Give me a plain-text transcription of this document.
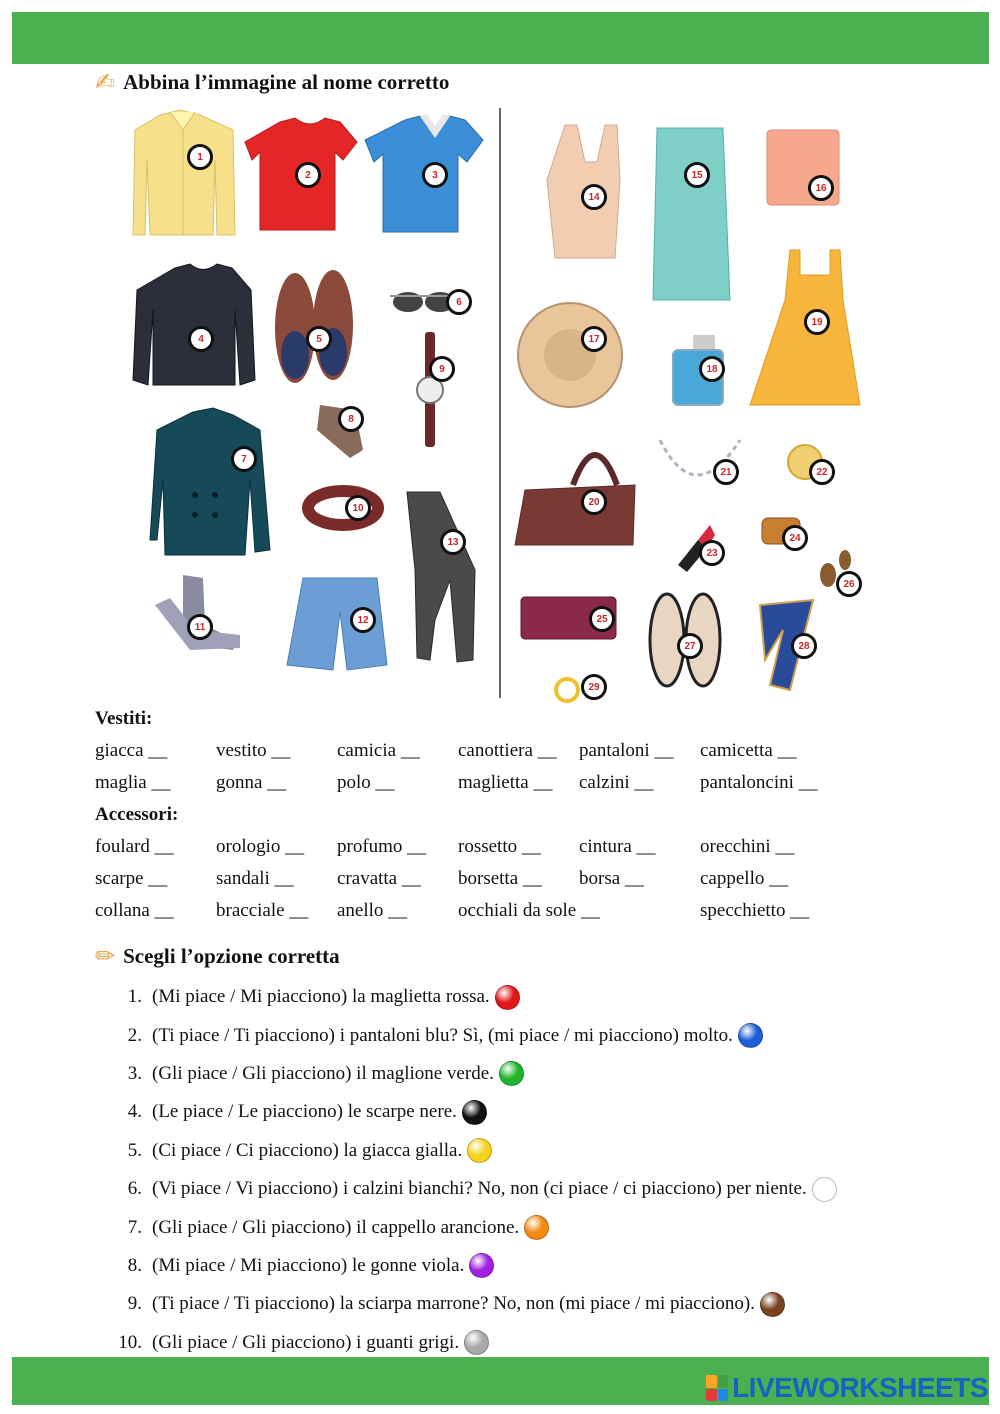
✍ Abbina l’immagine al nome corretto
1
2	3
4	5
6
7
8
9
10
11
12
13
14
15
16
17
18
19
20
21	22
23
24
25
26
27	28
29
Vestiti:
giacca __	vestito __ camicia __ canottiera __ pantaloni __ camicetta __
maglia __ gonna __	polo __	maglietta __ calzini __ pantaloncini __
Accessori:
foulard __ orologio __ profumo __ rossetto __ cintura __ orecchini __
scarpe __	sandali __ cravatta __ borsetta __ borsa __	cappello __
collana __ bracciale __ anello __	occhiali da sole __	specchietto __
✏ Scegli l’opzione corretta
1. (Mi piace / Mi piacciono) la maglietta rossa.
2. (Ti piace / Ti piacciono) i pantaloni blu? Sì, (mi piace / mi piacciono) molto.
3. (Gli piace / Gli piacciono) il maglione verde.
4. (Le piace / Le piacciono) le scarpe nere.
5. (Ci piace / Ci piacciono) la giacca gialla.
6. (Vi piace / Vi piacciono) i calzini bianchi? No, non (ci piace / ci piacciono) per niente.
7. (Gli piace / Gli piacciono) il cappello arancione.
8. (Mi piace / Mi piacciono) le gonne viola.
9. (Ti piace / Ti piacciono) la sciarpa marrone? No, non (mi piace / mi piacciono).
10. (Gli piace / Gli piacciono) i guanti grigi.
LIVEWORKSHEETS
